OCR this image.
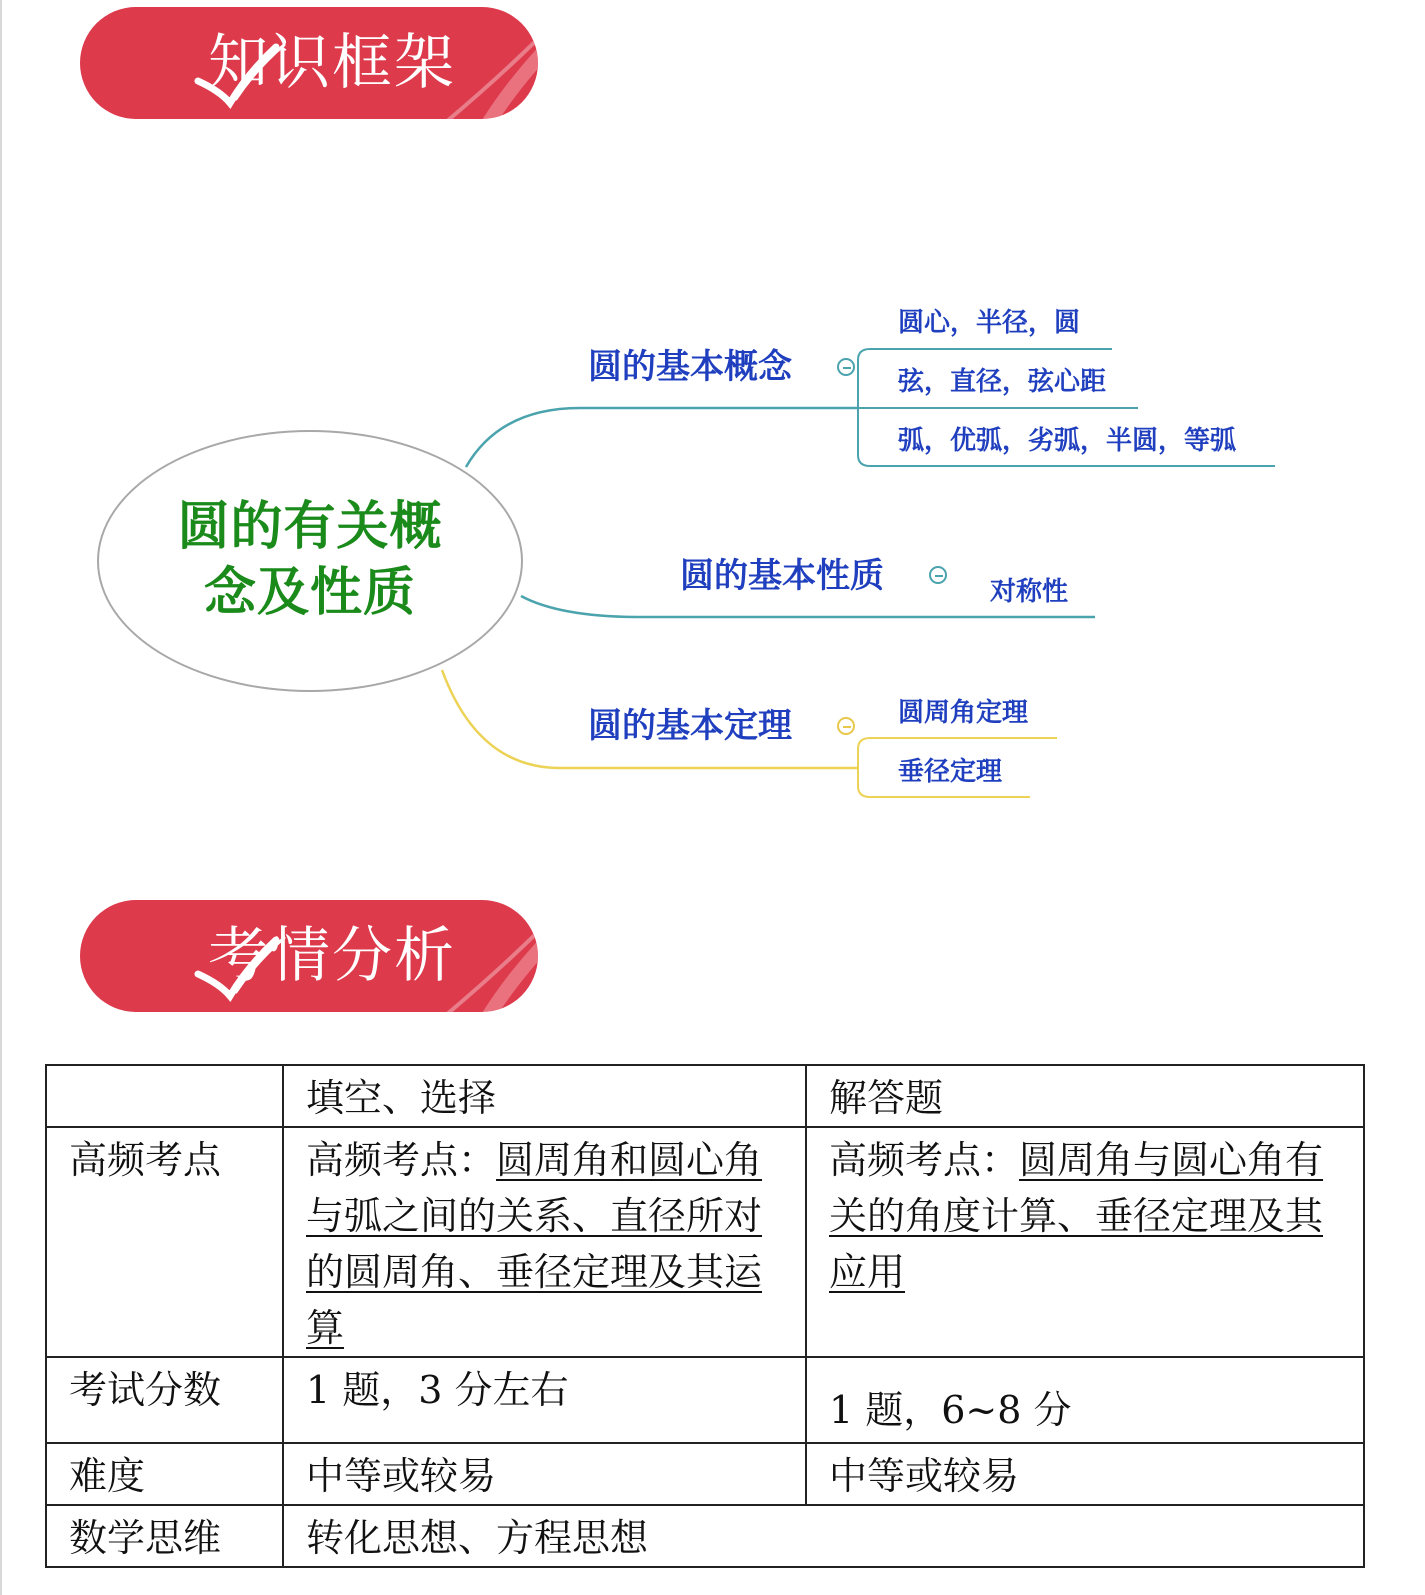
知识框架
圆的有关概
念及性质
圆的基本概念
圆心，半径，圆
弦，直径，弦心距
弧，优弧，劣弧，半圆，等弧
圆的基本性质	对称性
圆的基本定理	圆周角定理
垂径定理
考情分析
	填空、选择	解答题
高频考点	高频考点：圆周角和圆心角与弧之间的关系、直径所对的圆周角、垂径定理及其运算	高频考点：圆周角与圆心角有关的角度计算、垂径定理及其应用
考试分数	1 题，3 分左右	1 题，6~8 分
难度	中等或较易	中等或较易
数学思维	转化思想、方程思想	
